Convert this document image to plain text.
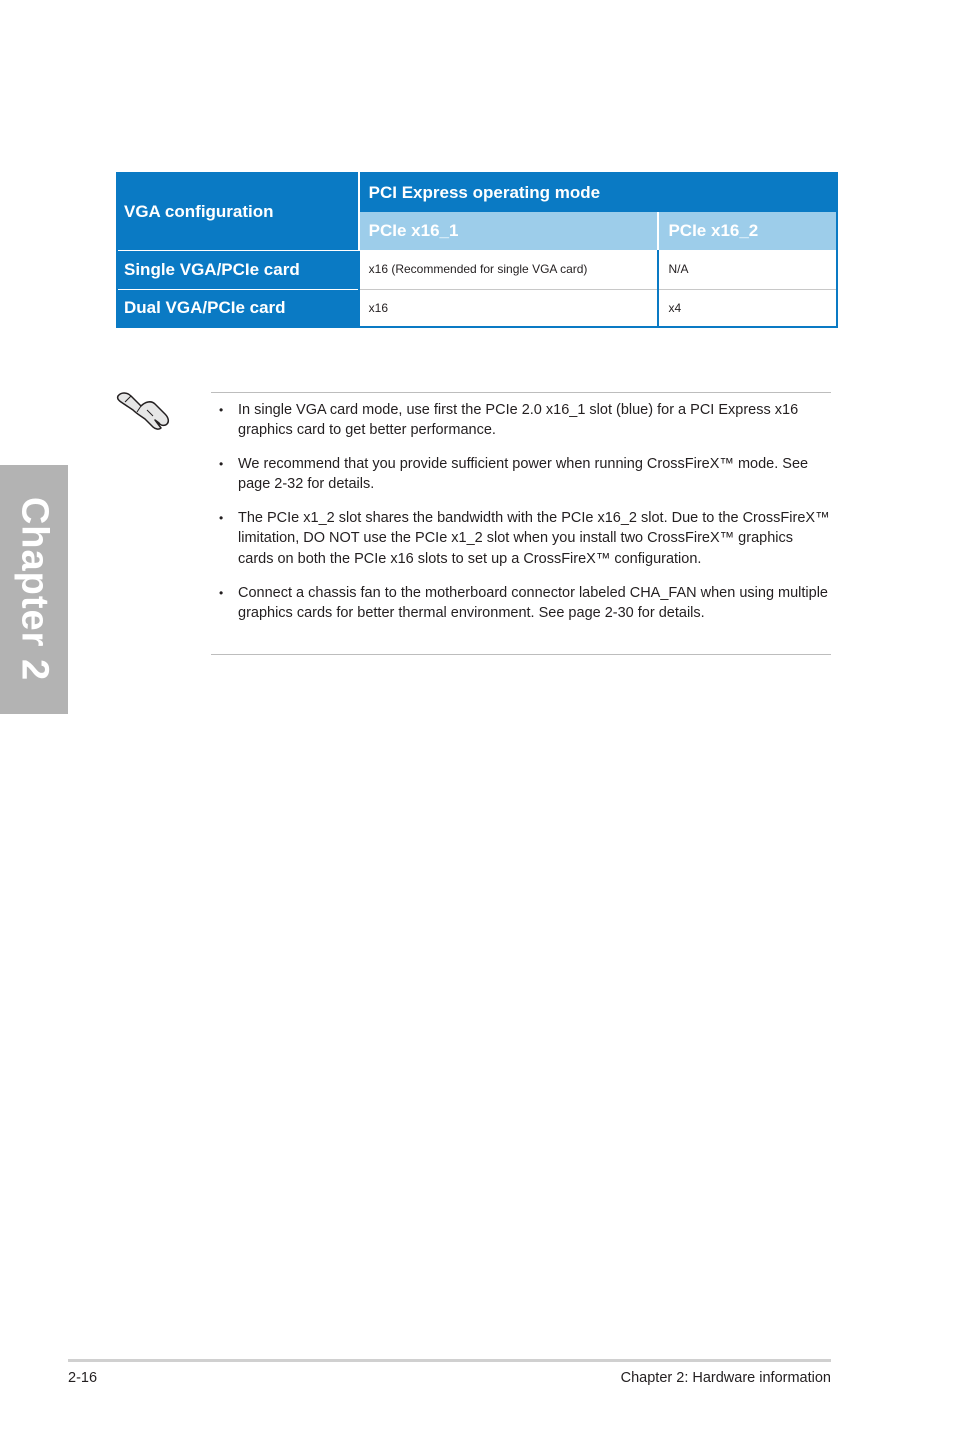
Chapter 2
VGA configuration	PCI Express operating mode	
	PCIe x16_1	PCIe x16_2
Single VGA/PCIe card	x16 (Recommended for single VGA card)	N/A
Dual VGA/PCIe card	x16	x4
• In single VGA card mode, use first the PCIe 2.0 x16_1 slot (blue) for a PCI Express x16 graphics card to get better performance.
• We recommend that you provide sufficient power when running CrossFireX™ mode. See page 2-32 for details.
• The PCIe x1_2 slot shares the bandwidth with the PCIe x16_2 slot. Due to the CrossFireX™ limitation, DO NOT use the PCIe x1_2 slot when you install two CrossFireX™ graphics cards on both the PCIe x16 slots to set up a CrossFireX™ configuration.
• Connect a chassis fan to the motherboard connector labeled CHA_FAN when using multiple graphics cards for better thermal environment. See page 2-30 for details.
2-16	Chapter 2: Hardware information
